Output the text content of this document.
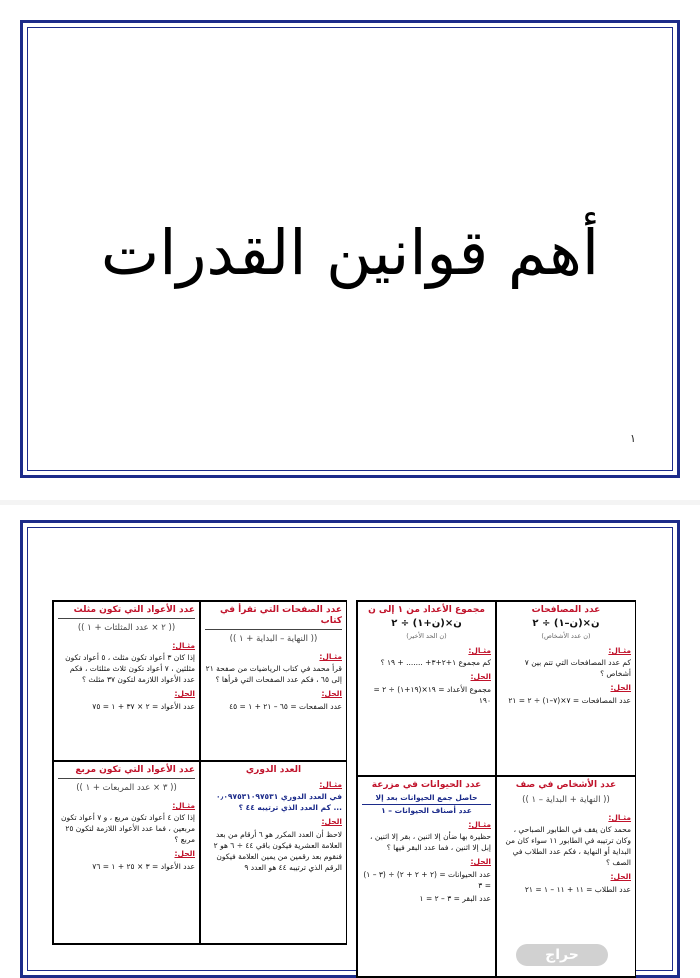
أهم قوانين القدرات
١
عدد الصفحات التي تقرأ في كتاب
(( النهاية – البداية + ١ ))
مثـال:
قرأ محمد في كتاب الرياضيات من صفحة ٢١ إلى ٦٥ ، فكم عدد الصفحات التي قرأها ؟
الحل:
عدد الصفحات = ٦٥ – ٢١ + ١ = ٤٥
عدد الأعواد التي تكون مثلث
(( ٢ × عدد المثلثات + ١ ))
مثـال:
إذا كان ٣ أعواد تكون مثلث ، ٥ أعواد تكون مثلثين ، ٧ أعواد تكون ثلاث مثلثات ، فكم عدد الأعواد اللازمة لتكون ٣٧ مثلث ؟
الحل:
عدد الأعواد = ٢ × ٣٧ + ١ = ٧٥
العدد الدوري
مثـال:
في العدد الدوري ٠٫٠٩٧٥٣١٠٩٧٥٣١ ... كم العدد الذي ترتيبه ٤٤ ؟
الحل:
لاحظ أن العدد المكرر هو ٦ أرقام من بعد العلامة العشرية فيكون باقي ٤٤ ÷ ٦ هو ٢ فنقوم بعد رقمين من يمين العلامة فيكون الرقم الذي ترتيبه ٤٤ هو العدد ٩
عدد الأعواد التي تكون مربع
(( ٣ × عدد المربعات + ١ ))
مثـال:
إذا كان ٤ أعواد تكون مربع ، و ٧ أعواد تكون مربعين ، فما عدد الأعواد اللازمة لتكون ٢٥ مربع ؟
الحل:
عدد الأعواد = ٣ × ٢٥ + ١ = ٧٦
عدد المصافحات
ن×(ن–١) ÷ ٢
(ن عدد الأشخاص)
مثـال:
كم عدد المصافحات التي تتم بين ٧ أشخاص ؟
الحل:
عدد المصافحات = ٧×(٧–١) ÷ ٢ = ٢١
مجموع الأعداد من ١ إلى ن
ن×(ن+١) ÷ ٢
(ن الحد الأخير)
مثـال:
كم مجموع ١+٢+٣+ ....... + ١٩ ؟
الحل:
مجموع الأعداد = ١٩×(١٩+١) ÷ ٢ = ١٩٠
عدد الأشخاص في صف
(( النهاية + البداية – ١ ))
مثـال:
محمد كان يقف في الطابور الصباحي ، وكان ترتيبه في الطابور ١١ سواء كان من البداية أو النهاية ، فكم عدد الطلاب في الصف ؟
الحل:
عدد الطلاب = ١١ + ١١ – ١ = ٢١
عدد الحيوانات في مزرعة
حاصل جمع الحيوانات بعد إلا
عدد أصناف الحيوانات – ١
مثـال:
حظيرة بها ضأن إلا اثنين ، بقر إلا اثنين ، إبل إلا اثنين ، فما عدد البقر فيها ؟
الحل:
عدد الحيوانات = (٢ + ٢ + ٢) ÷ (٣ – ١) = ٣
عدد البقر = ٣ – ٢ = ١
حراج
